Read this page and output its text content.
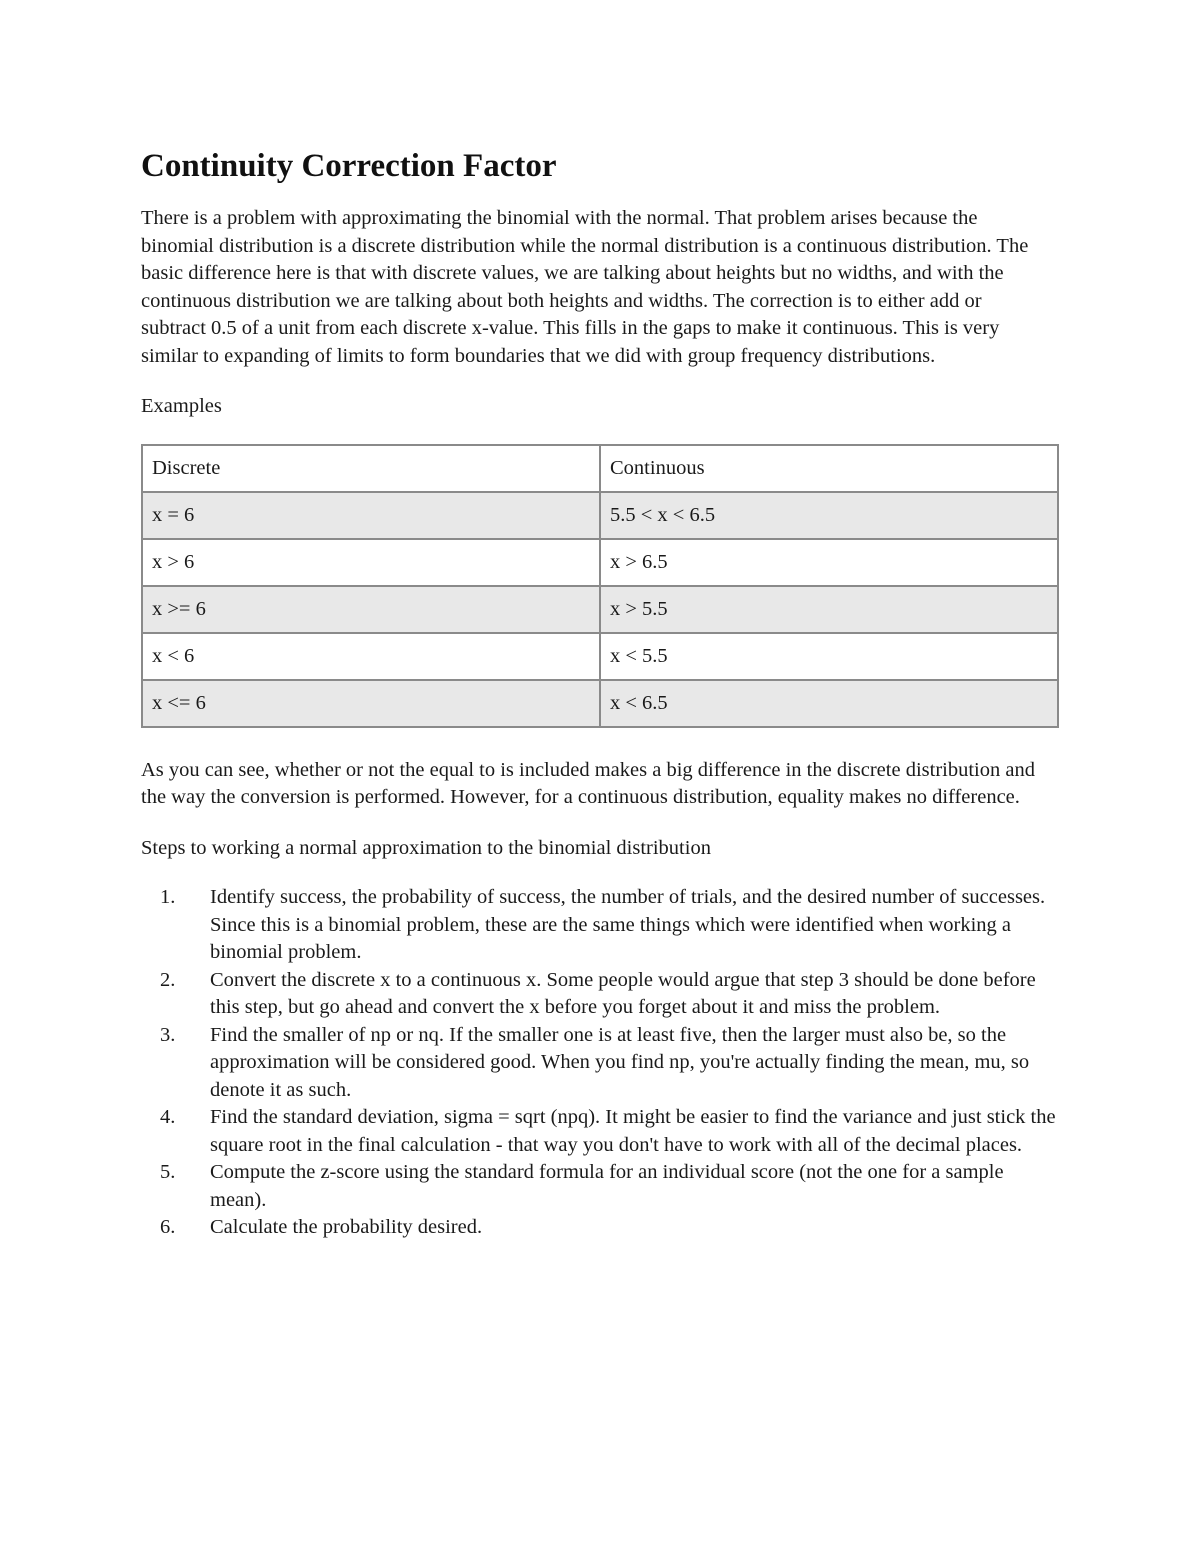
Continuity Correction Factor

There is a problem with approximating the binomial with the normal. That problem arises because the binomial distribution is a discrete distribution while the normal distribution is a continuous distribution. The basic difference here is that with discrete values, we are talking about heights but no widths, and with the continuous distribution we are talking about both heights and widths. The correction is to either add or subtract 0.5 of a unit from each discrete x-value. This fills in the gaps to make it continuous. This is very similar to expanding of limits to form boundaries that we did with group frequency distributions.

Examples

Discrete	Continuous
x = 6	5.5 < x < 6.5
x > 6	x > 6.5
x >= 6	x > 5.5
x < 6	x < 5.5
x <= 6	x < 6.5

As you can see, whether or not the equal to is included makes a big difference in the discrete distribution and the way the conversion is performed. However, for a continuous distribution, equality makes no difference.

Steps to working a normal approximation to the binomial distribution

1. Identify success, the probability of success, the number of trials, and the desired number of successes. Since this is a binomial problem, these are the same things which were identified when working a binomial problem.
2. Convert the discrete x to a continuous x. Some people would argue that step 3 should be done before this step, but go ahead and convert the x before you forget about it and miss the problem.
3. Find the smaller of np or nq. If the smaller one is at least five, then the larger must also be, so the approximation will be considered good. When you find np, you're actually finding the mean, mu, so denote it as such.
4. Find the standard deviation, sigma = sqrt (npq). It might be easier to find the variance and just stick the square root in the final calculation - that way you don't have to work with all of the decimal places.
5. Compute the z-score using the standard formula for an individual score (not the one for a sample mean).
6. Calculate the probability desired.
